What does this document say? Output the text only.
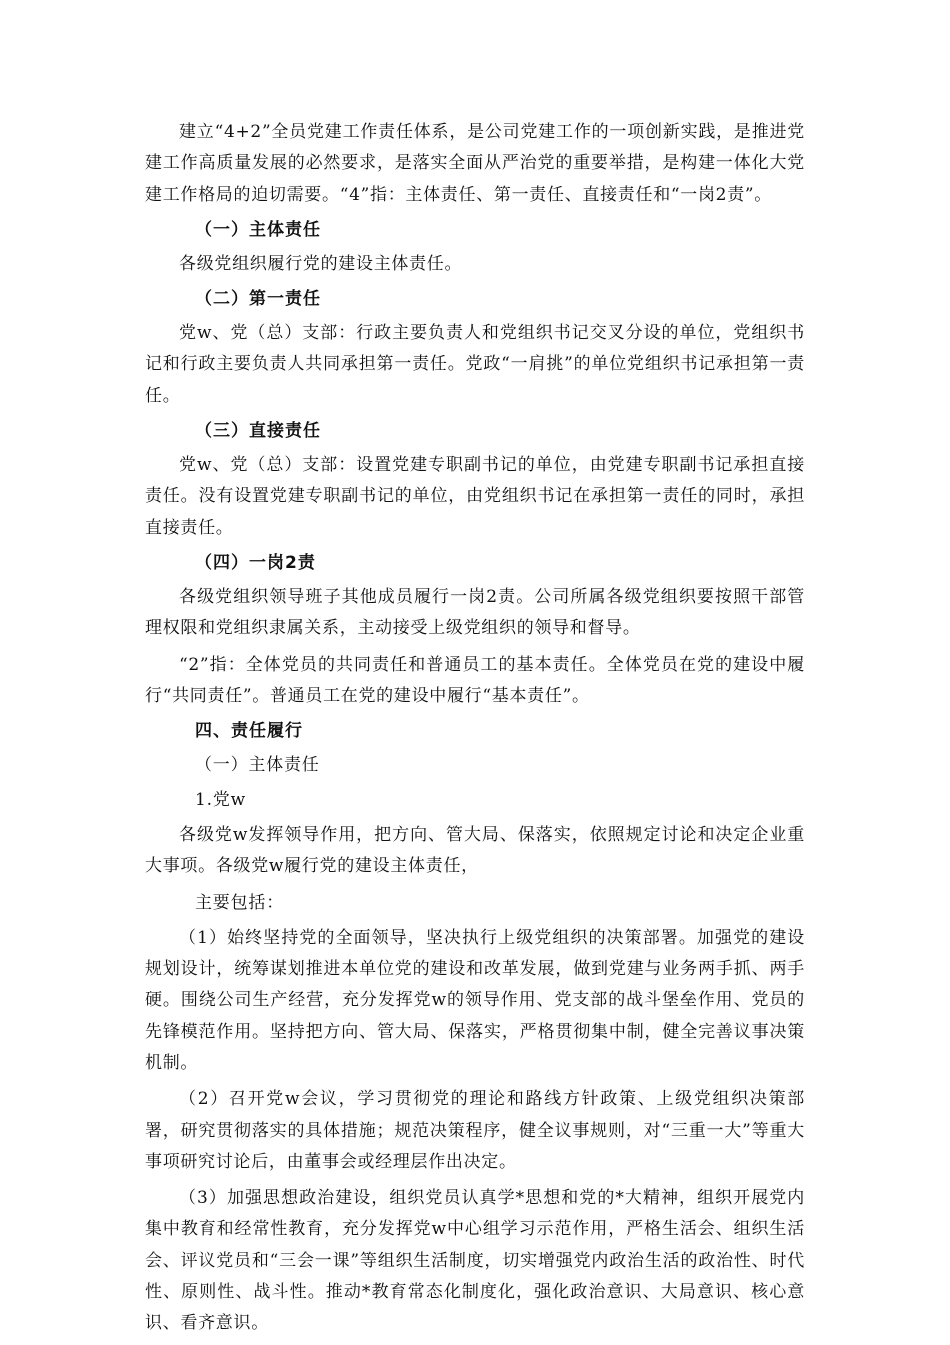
建立“4+2”全员党建工作责任体系，是公司党建工作的一项创新实践，是推进党建工作高质量发展的必然要求，是落实全面从严治党的重要举措，是构建一体化大党建工作格局的迫切需要。“4”指：主体责任、第一责任、直接责任和“一岗2责”。

（一）主体责任

各级党组织履行党的建设主体责任。

（二）第一责任

党w、党（总）支部：行政主要负责人和党组织书记交叉分设的单位，党组织书记和行政主要负责人共同承担第一责任。党政“一肩挑”的单位党组织书记承担第一责任。

（三）直接责任

党w、党（总）支部：设置党建专职副书记的单位，由党建专职副书记承担直接责任。没有设置党建专职副书记的单位，由党组织书记在承担第一责任的同时，承担直接责任。

（四）一岗2责

各级党组织领导班子其他成员履行一岗2责。公司所属各级党组织要按照干部管理权限和党组织隶属关系，主动接受上级党组织的领导和督导。

“2”指：全体党员的共同责任和普通员工的基本责任。全体党员在党的建设中履行“共同责任”。普通员工在党的建设中履行“基本责任”。

四、责任履行
（一）主体责任
1.党w

各级党w发挥领导作用，把方向、管大局、保落实，依照规定讨论和决定企业重大事项。各级党w履行党的建设主体责任，

主要包括：

（1）始终坚持党的全面领导，坚决执行上级党组织的决策部署。加强党的建设规划设计，统筹谋划推进本单位党的建设和改革发展，做到党建与业务两手抓、两手硬。围绕公司生产经营，充分发挥党w的领导作用、党支部的战斗堡垒作用、党员的先锋模范作用。坚持把方向、管大局、保落实，严格贯彻集中制，健全完善议事决策机制。

（2）召开党w会议，学习贯彻党的理论和路线方针政策、上级党组织决策部署，研究贯彻落实的具体措施；规范决策程序，健全议事规则，对“三重一大”等重大事项研究讨论后，由董事会或经理层作出决定。

（3）加强思想政治建设，组织党员认真学*思想和党的*大精神，组织开展党内集中教育和经常性教育，充分发挥党w中心组学习示范作用，严格生活会、组织生活会、评议党员和“三会一课”等组织生活制度，切实增强党内政治生活的政治性、时代性、原则性、战斗性。推动*教育常态化制度化，强化政治意识、大局意识、核心意识、看齐意识。
